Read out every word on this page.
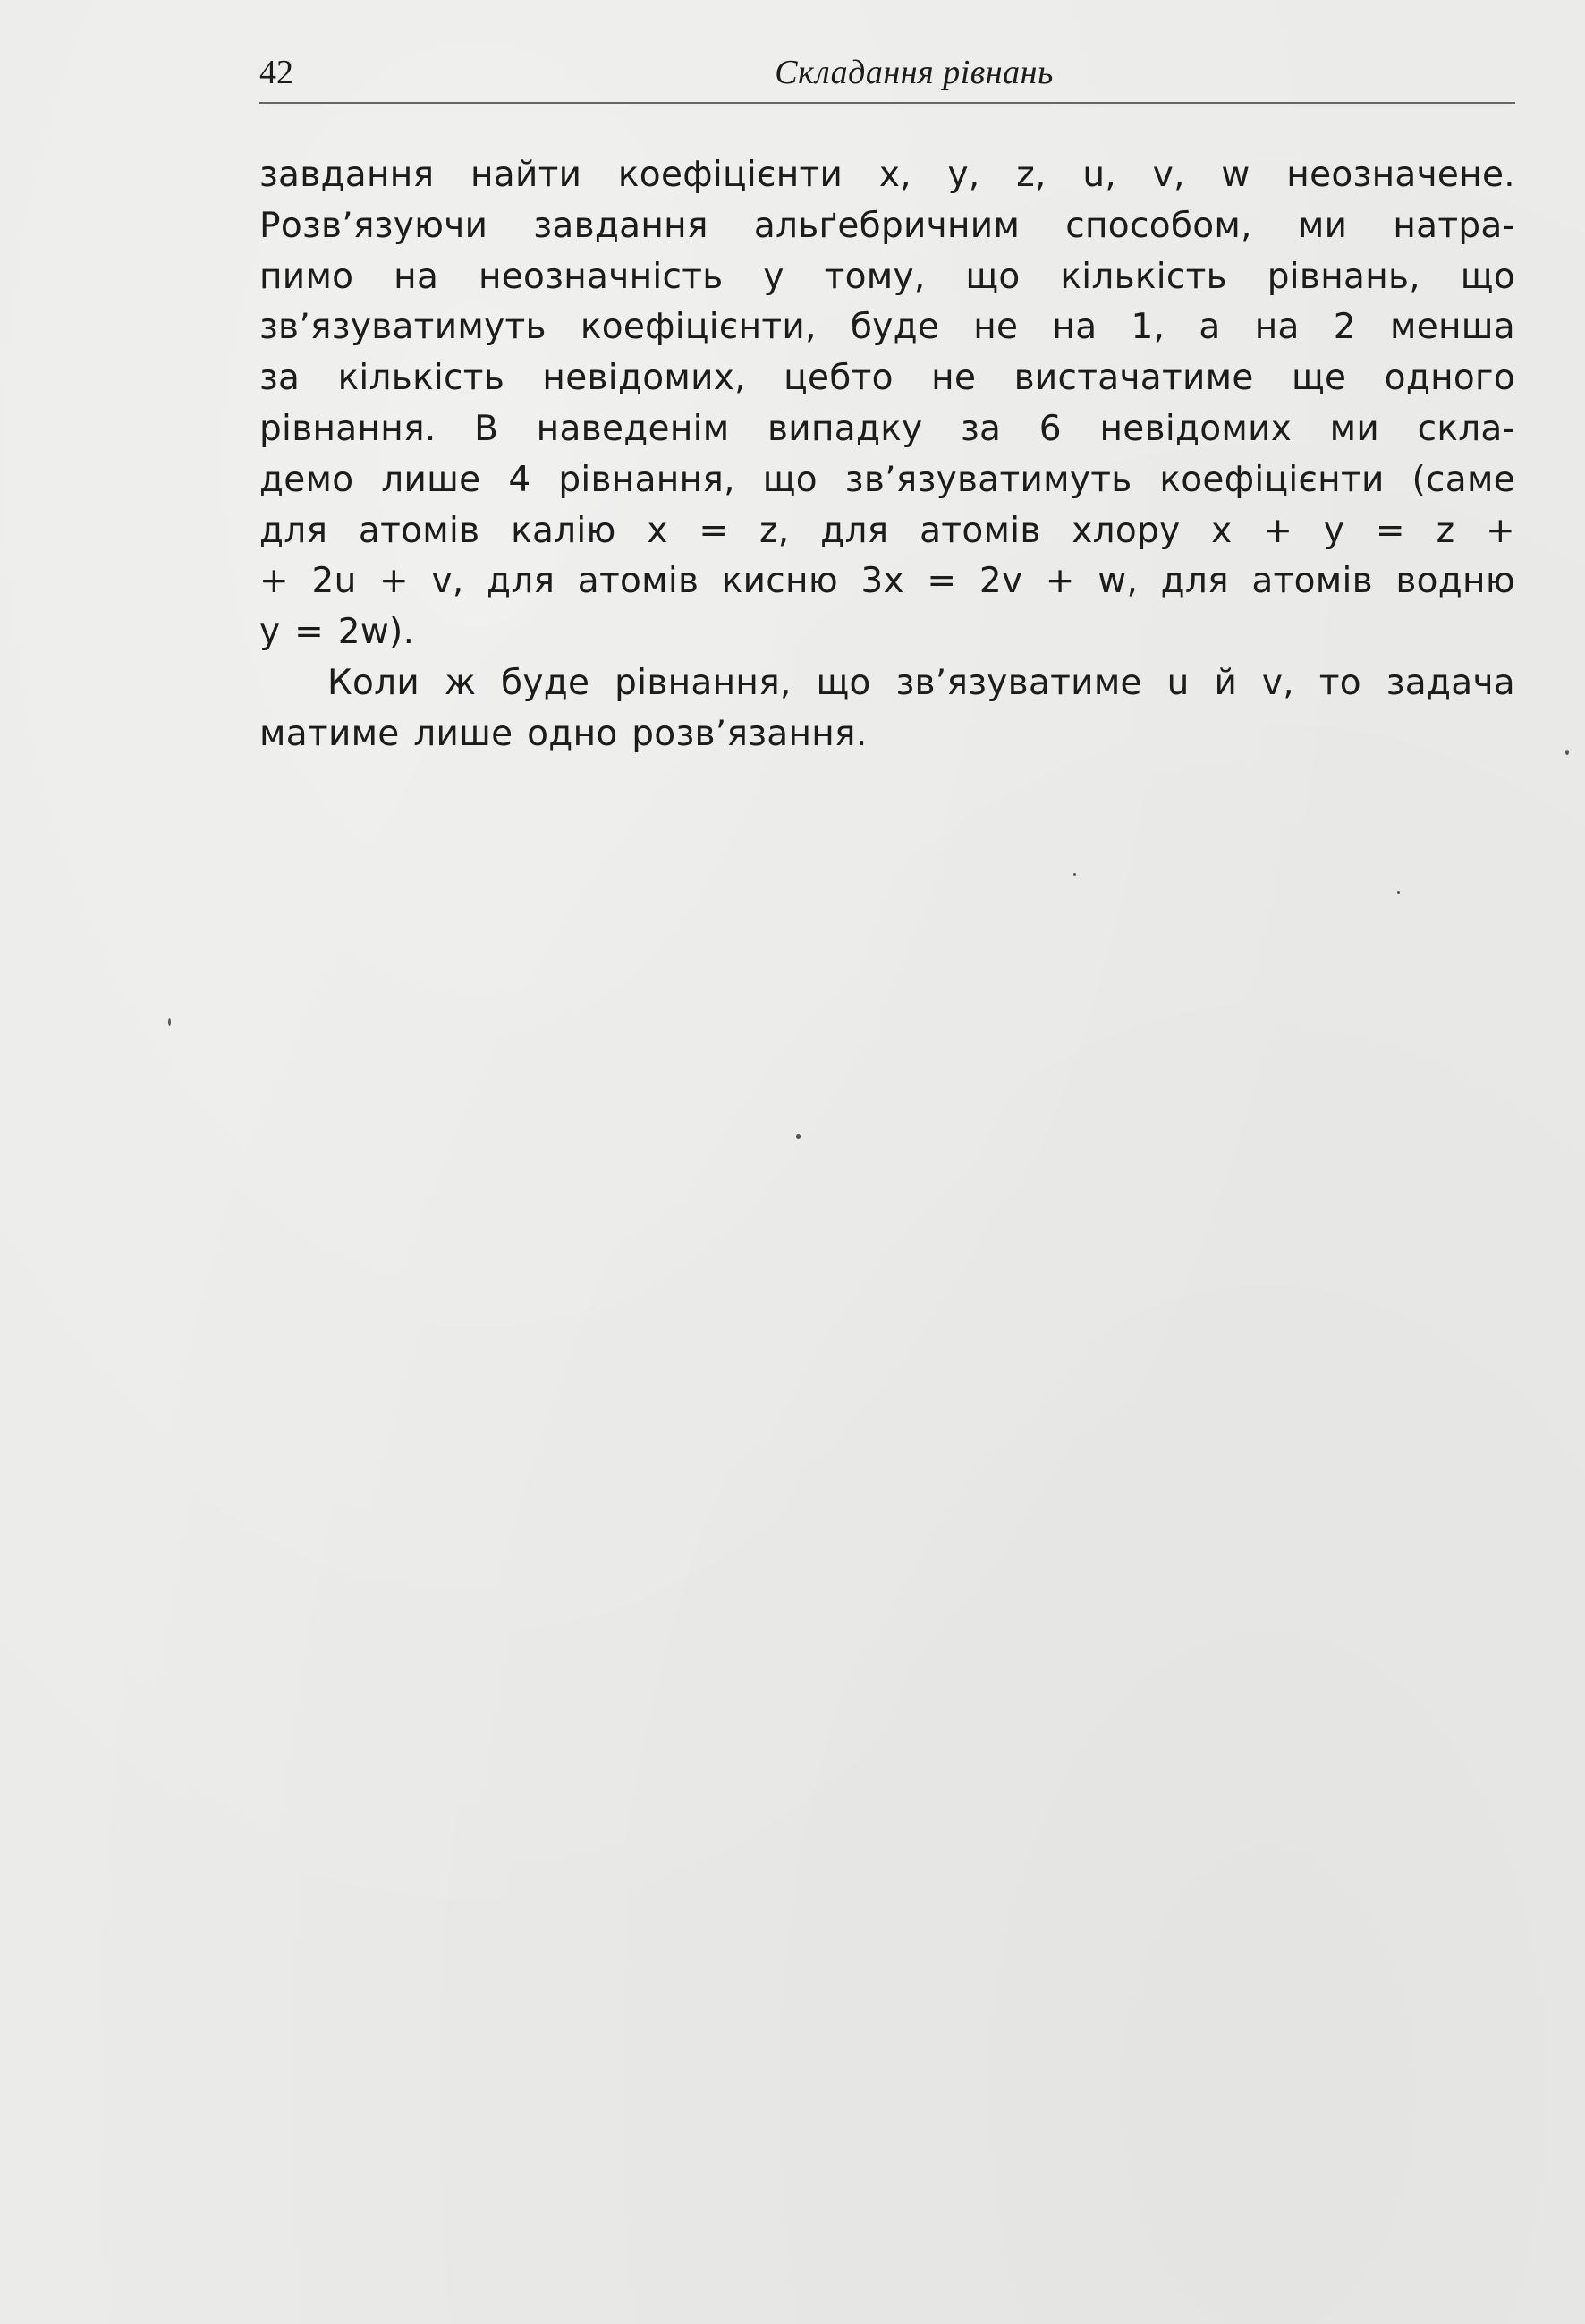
42	Складання рівнань
завдання найти коефіцієнти x, y, z, u, v, w неозначене.
Розв’язуючи завдання альґебричним способом, ми натра-
пимо на неозначність у тому, що кількість рівнань, що
зв’язуватимуть коефіцієнти, буде не на 1, а на 2 менша
за кількість невідомих, цебто не вистачатиме ще одного
рівнання. В наведенім випадку за 6 невідомих ми скла-
демо лише 4 рівнання, що зв’язуватимуть коефіцієнти (саме
для атомів калію x = z, для атомів хлору x + y = z +
+ 2u + v, для атомів кисню 3x = 2v + w, для атомів водню
y = 2w).
Коли ж буде рівнання, що зв’язуватиме u й v, то задача
матиме лише одно розв’язання.
